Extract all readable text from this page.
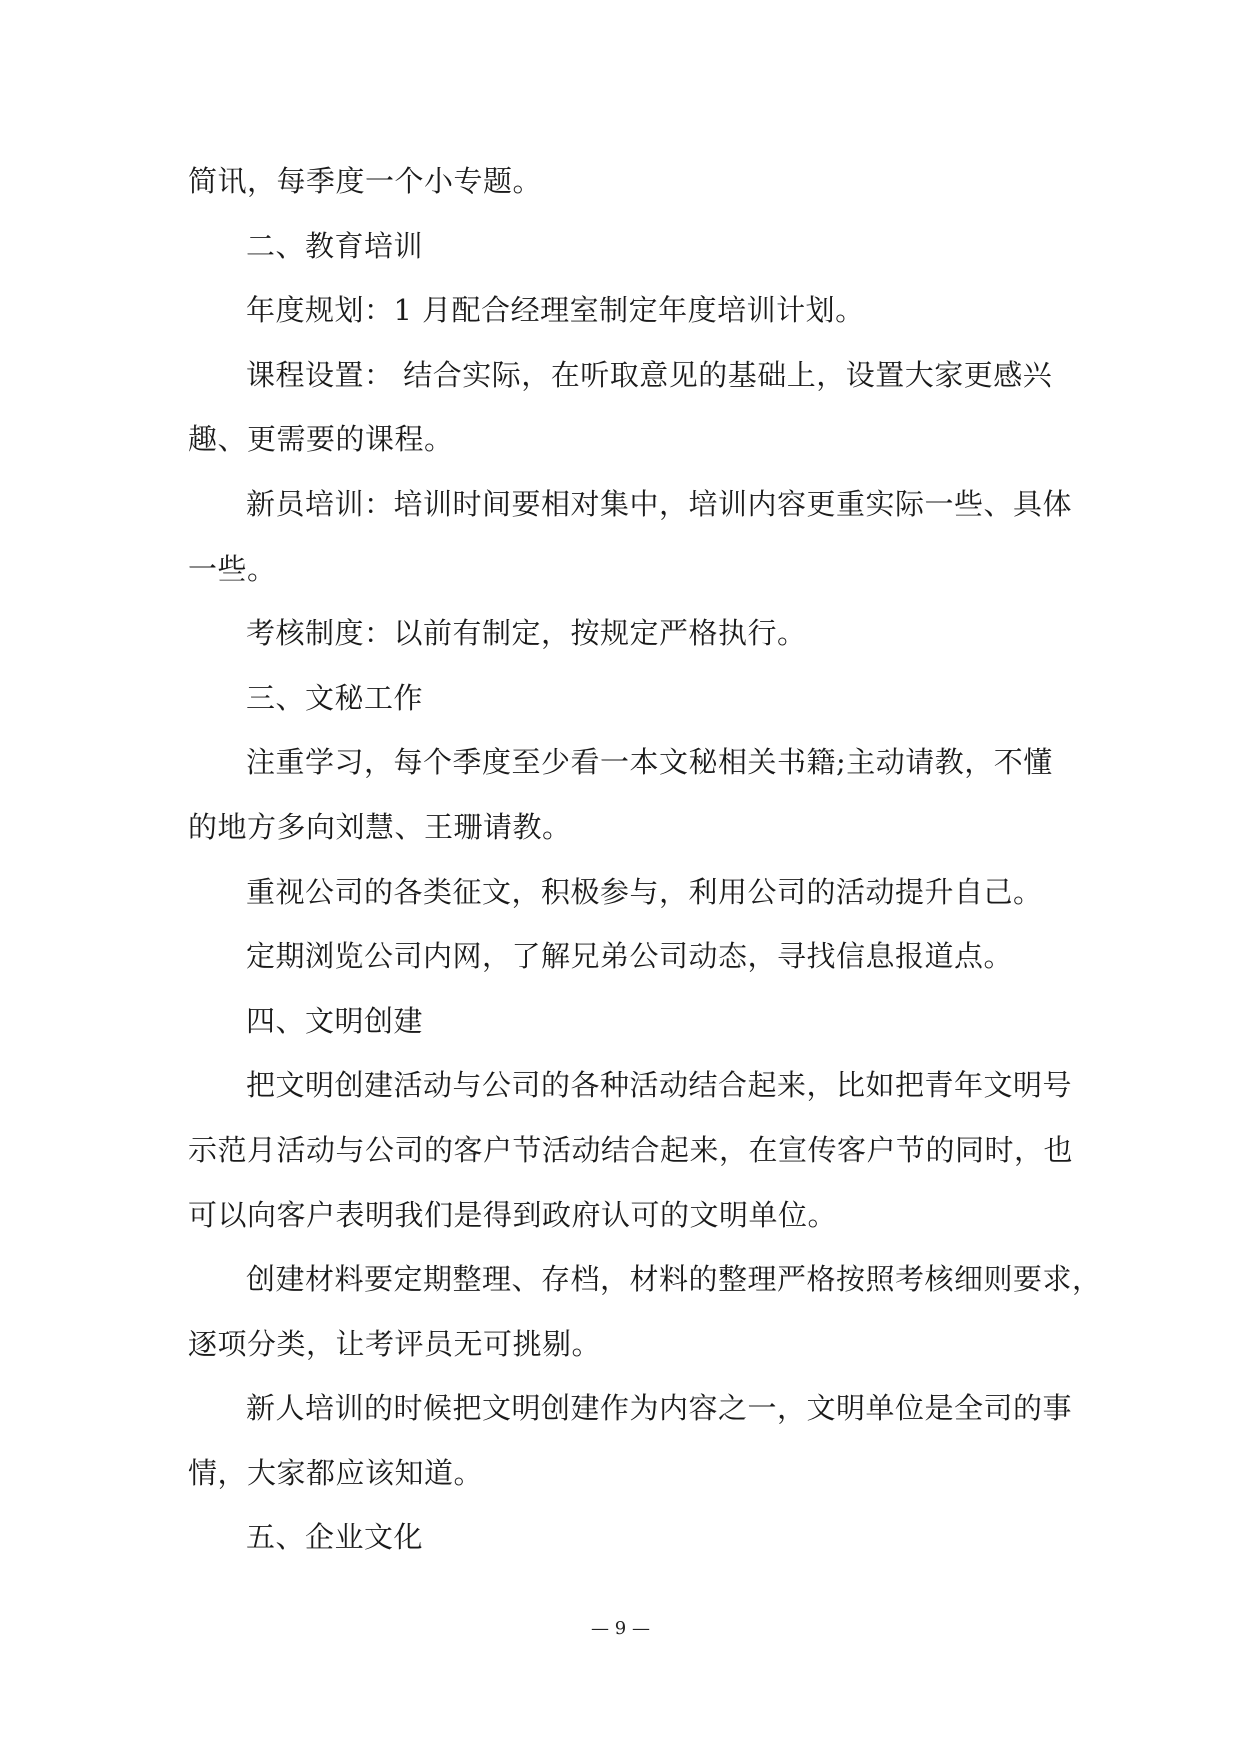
简讯，每季度一个小专题。
二、教育培训
年度规划：1 月配合经理室制定年度培训计划。
课程设置： 结合实际，在听取意见的基础上，设置大家更感兴
趣、更需要的课程。
新员培训：培训时间要相对集中，培训内容更重实际一些、具体
一些。
考核制度：以前有制定，按规定严格执行。
三、文秘工作
注重学习，每个季度至少看一本文秘相关书籍;主动请教，不懂
的地方多向刘慧、王珊请教。
重视公司的各类征文，积极参与，利用公司的活动提升自己。
定期浏览公司内网，了解兄弟公司动态，寻找信息报道点。
四、文明创建
把文明创建活动与公司的各种活动结合起来，比如把青年文明号
示范月活动与公司的客户节活动结合起来，在宣传客户节的同时，也
可以向客户表明我们是得到政府认可的文明单位。
创建材料要定期整理、存档，材料的整理严格按照考核细则要求，
逐项分类，让考评员无可挑剔。
新人培训的时候把文明创建作为内容之一，文明单位是全司的事
情，大家都应该知道。
五、企业文化
— 9 —
